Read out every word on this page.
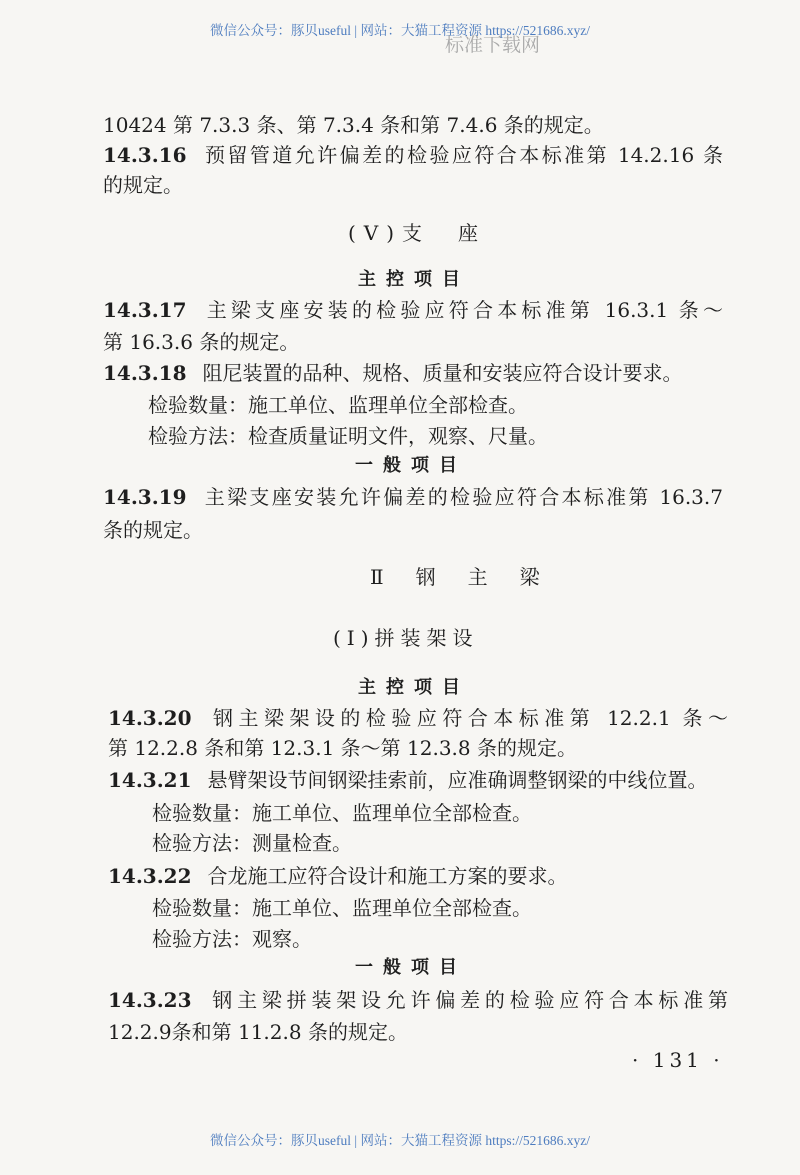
微信公众号：豚贝useful | 网站：大猫工程资源 https://521686.xyz/
标准下载网
10424 第 7.3.3 条、第 7.3.4 条和第 7.4.6 条的规定。
14.3.16 预留管道允许偏差的检验应符合本标准第 14.2.16 条
的规定。
(Ⅴ)支　座
主控项目
14.3.17 主梁支座安装的检验应符合本标准第 16.3.1 条～
第 16.3.6 条的规定。
14.3.18 阻尼装置的品种、规格、质量和安装应符合设计要求。
检验数量：施工单位、监理单位全部检查。
检验方法：检查质量证明文件，观察、尺量。
一般项目
14.3.19 主梁支座安装允许偏差的检验应符合本标准第 16.3.7
条的规定。
Ⅱ　钢　主　梁
(Ⅰ)拼装架设
主控项目
14.3.20 钢主梁架设的检验应符合本标准第 12.2.1 条～
第 12.2.8 条和第 12.3.1 条～第 12.3.8 条的规定。
14.3.21 悬臂架设节间钢梁挂索前，应准确调整钢梁的中线位置。
检验数量：施工单位、监理单位全部检查。
检验方法：测量检查。
14.3.22 合龙施工应符合设计和施工方案的要求。
检验数量：施工单位、监理单位全部检查。
检验方法：观察。
一般项目
14.3.23 钢主梁拼装架设允许偏差的检验应符合本标准第
12.2.9条和第 11.2.8 条的规定。
· 131 ·
微信公众号：豚贝useful | 网站：大猫工程资源 https://521686.xyz/
